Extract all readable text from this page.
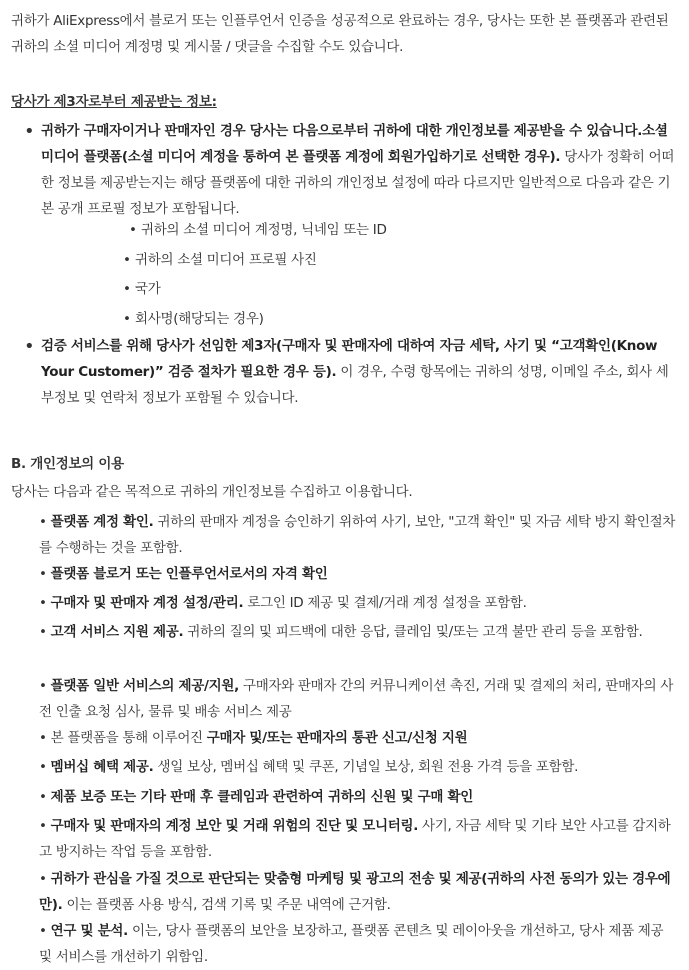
귀하가 AliExpress에서 블로거 또는 인플루언서 인증을 성공적으로 완료하는 경우, 당사는 또한 본 플랫폼과 관련된 귀하의 소셜 미디어 계정명 및 게시물 / 댓글을 수집할 수도 있습니다.

당사가 제3자로부터 제공받는 정보:

• 귀하가 구매자이거나 판매자인 경우 당사는 다음으로부터 귀하에 대한 개인정보를 제공받을 수 있습니다.소셜 미디어 플랫폼(소셜 미디어 계정을 통하여 본 플랫폼 계정에 회원가입하기로 선택한 경우). 당사가 정확히 어떠한 정보를 제공받는지는 해당 플랫폼에 대한 귀하의 개인정보 설정에 따라 다르지만 일반적으로 다음과 같은 기본 공개 프로필 정보가 포함됩니다.

• 귀하의 소셜 미디어 계정명, 닉네임 또는 ID
• 귀하의 소셜 미디어 프로필 사진
• 국가
• 회사명(해당되는 경우)
• 검증 서비스를 위해 당사가 선임한 제3자(구매자 및 판매자에 대하여 자금 세탁, 사기 및 “고객확인(Know Your Customer)” 검증 절차가 필요한 경우 등). 이 경우, 수령 항목에는 귀하의 성명, 이메일 주소, 회사 세부정보 및 연락처 정보가 포함될 수 있습니다.

B. 개인정보의 이용

당사는 다음과 같은 목적으로 귀하의 개인정보를 수집하고 이용합니다.

• 플랫폼 계정 확인. 귀하의 판매자 계정을 승인하기 위하여 사기, 보안, "고객 확인" 및 자금 세탁 방지 확인절차를 수행하는 것을 포함함.

• 플랫폼 블로거 또는 인플루언서로서의 자격 확인

• 구매자 및 판매자 계정 설정/관리. 로그인 ID 제공 및 결제/거래 계정 설정을 포함함.

• 고객 서비스 지원 제공. 귀하의 질의 및 피드백에 대한 응답, 클레임 및/또는 고객 불만 관리 등을 포함함.

• 플랫폼 일반 서비스의 제공/지원, 구매자와 판매자 간의 커뮤니케이션 촉진, 거래 및 결제의 처리, 판매자의 사전 인출 요청 심사, 물류 및 배송 서비스 제공

• 본 플랫폼을 통해 이루어진 구매자 및/또는 판매자의 통관 신고/신청 지원

• 멤버십 혜택 제공. 생일 보상, 멤버십 혜택 및 쿠폰, 기념일 보상, 회원 전용 가격 등을 포함함.

• 제품 보증 또는 기타 판매 후 클레임과 관련하여 귀하의 신원 및 구매 확인

• 구매자 및 판매자의 계정 보안 및 거래 위험의 진단 및 모니터링. 사기, 자금 세탁 및 기타 보안 사고를 감지하고 방지하는 작업 등을 포함함.

• 귀하가 관심을 가질 것으로 판단되는 맞춤형 마케팅 및 광고의 전송 및 제공(귀하의 사전 동의가 있는 경우에만). 이는 플랫폼 사용 방식, 검색 기록 및 주문 내역에 근거함.

• 연구 및 분석. 이는, 당사 플랫폼의 보안을 보장하고, 플랫폼 콘텐츠 및 레이아웃을 개선하고, 당사 제품 제공 및 서비스를 개선하기 위함임.
